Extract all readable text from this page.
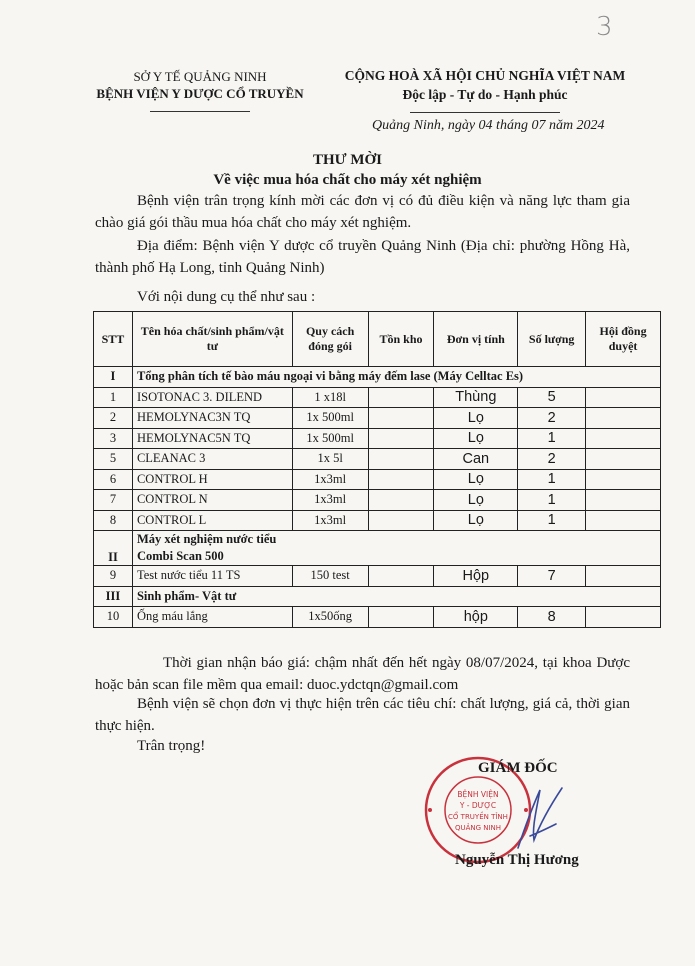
3
SỞ Y TẾ QUẢNG NINH
BỆNH VIỆN Y DƯỢC CỔ TRUYỀN
CỘNG HOÀ XÃ HỘI CHỦ NGHĨA VIỆT NAM
Độc lập - Tự do - Hạnh phúc
Quảng Ninh, ngày 04 tháng 07 năm 2024
THƯ MỜI
Về việc mua hóa chất cho máy xét nghiệm
Bệnh viện trân trọng kính mời các đơn vị có đủ điều kiện và năng lực tham gia chào giá gói thầu mua hóa chất cho máy xét nghiệm.
Địa điểm: Bệnh viện Y dược cổ truyền Quảng Ninh (Địa chỉ: phường Hồng Hà, thành phố Hạ Long, tỉnh Quảng Ninh)
Với nội dung cụ thể như sau :
STT	Tên hóa chất/sinh phẩm/vật tư	Quy cách đóng gói	Tồn kho	Đơn vị tính	Số lượng	Hội đồng duyệt
I	Tổng phân tích tế bào máu ngoại vi bằng máy đếm lase (Máy Celltac Es)					
1	ISOTONAC 3. DILEND	1 x18l		Thùng	5	
2	HEMOLYNAC3N TQ	1x 500ml		Lọ	2	
3	HEMOLYNAC5N TQ	1x 500ml		Lọ	1	
5	CLEANAC 3	1x 5l		Can	2	
6	CONTROL H	1x3ml		Lọ	1	
7	CONTROL N	1x3ml		Lọ	1	
8	CONTROL L	1x3ml		Lọ	1	
II	Máy xét nghiệm nước tiểu
Combi Scan 500					

9	Test nước tiểu 11 TS	150 test		Hộp	7	
III	Sinh phẩm- Vật tư					
10	Ống máu lắng	1x50ống		hộp	8	
Thời gian nhận báo giá: chậm nhất đến hết ngày 08/07/2024, tại khoa Dược hoặc bản scan file mềm qua email: duoc.ydctqn@gmail.com
Bệnh viện sẽ chọn đơn vị thực hiện trên các tiêu chí: chất lượng, giá cả, thời gian thực hiện.
Trân trọng!
BỆNH VIỆN
Y - DƯỢC
CỔ TRUYỀN TỈNH
QUẢNG NINH
GIÁM ĐỐC
Nguyễn Thị Hương
